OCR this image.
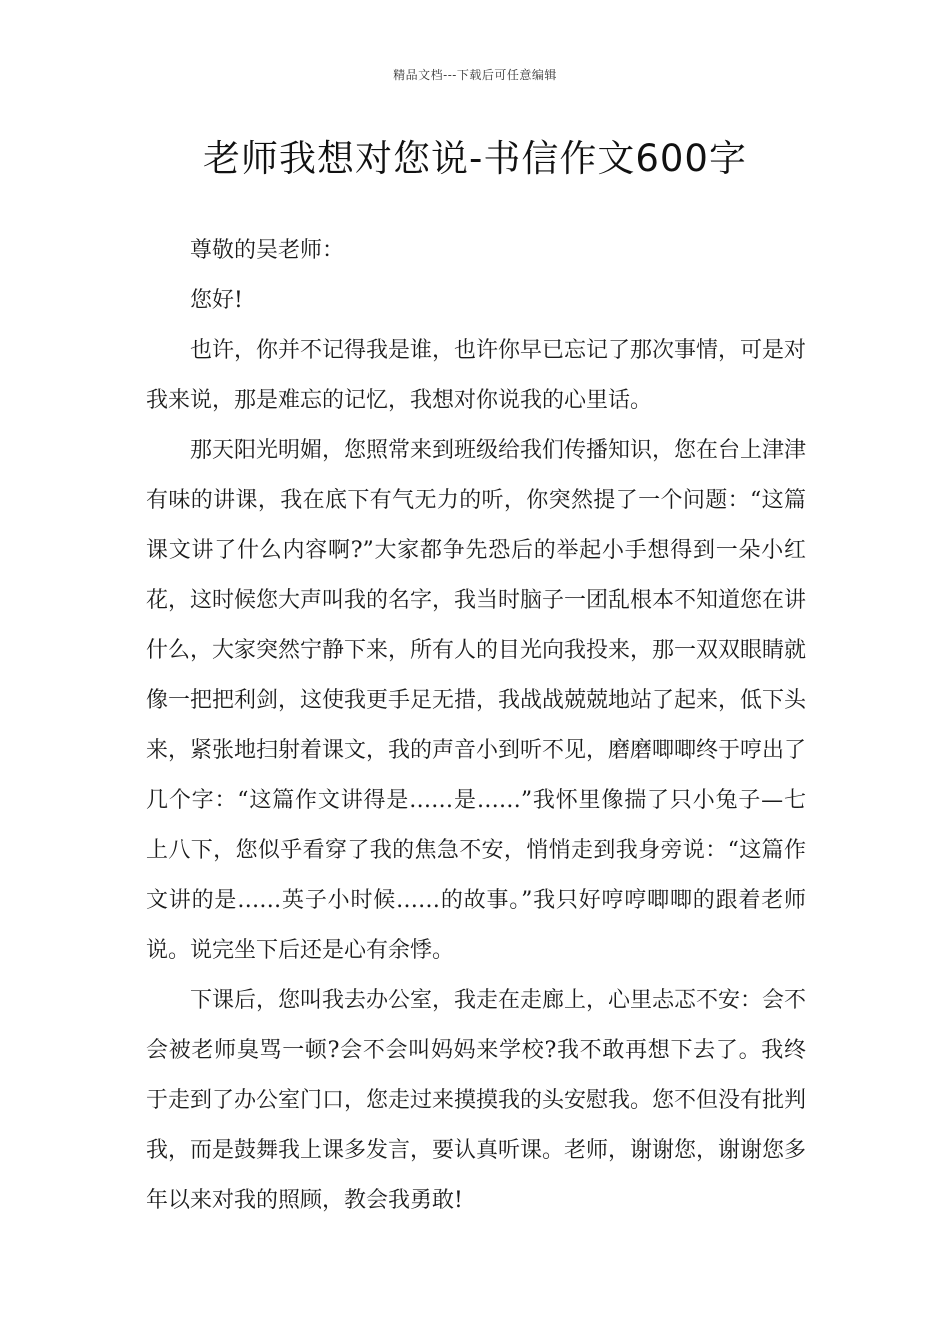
精品文档---下载后可任意编辑
老师我想对您说-书信作文600字

尊敬的吴老师：

您好!

也许，你并不记得我是谁，也许你早已忘记了那次事情，可是对我来说，那是难忘的记忆，我想对你说我的心里话。

那天阳光明媚，您照常来到班级给我们传播知识，您在台上津津有味的讲课，我在底下有气无力的听，你突然提了一个问题：“这篇课文讲了什么内容啊?”大家都争先恐后的举起小手想得到一朵小红花，这时候您大声叫我的名字，我当时脑子一团乱根本不知道您在讲什么，大家突然宁静下来，所有人的目光向我投来，那一双双眼睛就像一把把利剑，这使我更手足无措，我战战兢兢地站了起来，低下头来，紧张地扫射着课文，我的声音小到听不见，磨磨唧唧终于哼出了几个字：“这篇作文讲得是……是……”我怀里像揣了只小兔子—七上八下，您似乎看穿了我的焦急不安，悄悄走到我身旁说：“这篇作文讲的是……英子小时候……的故事。”我只好哼哼唧唧的跟着老师说。说完坐下后还是心有余悸。

下课后，您叫我去办公室，我走在走廊上，心里忐忑不安：会不会被老师臭骂一顿?会不会叫妈妈来学校?我不敢再想下去了。我终于走到了办公室门口，您走过来摸摸我的头安慰我。您不但没有批判我，而是鼓舞我上课多发言，要认真听课。老师，谢谢您，谢谢您多年以来对我的照顾，教会我勇敢!
